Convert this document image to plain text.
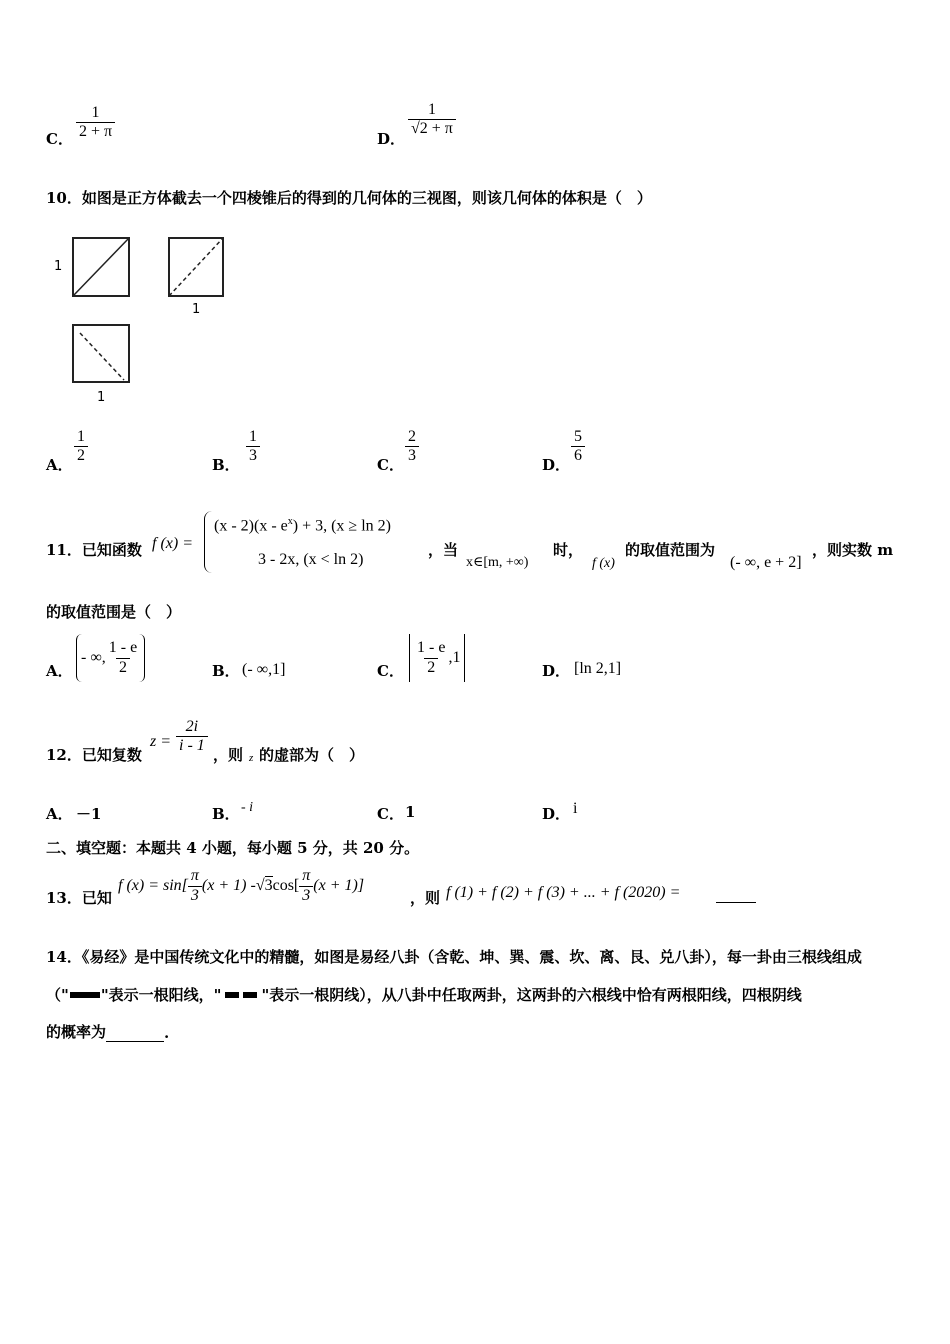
C． $\frac{1}{2 + \pi}$	D．
$\frac{1}{√2 + \pi}$
10．如图是正方体截去一个四棱锥后的得到的几何体的三视图，则该几何体的体积是（　）
1
1
1
A． $\frac{1}{2}$	B． $\frac{1}{3}$	C． $\frac{2}{3}$	D． $\frac{5}{6}$
11．已知函数 f (x) =
$(x - 2)(x - e^x) + 3$, (x ≥ ln 2)
3 - 2x, (x < ln 2)
，当
x∈[m, +∞)
时，
f (x)
的取值范围为
(- ∞, e + 2]
，则实数 m
的取值范围是（　）
A．
- ∞, $\frac{1 - e}{2}$	B． (- ∞,1]	C． $\frac{1 - e}{2} ,1$
D． [ln 2,1]
12．已知复数
$z = \frac{2i}{i - 1}$ ，则 z 的虚部为（　）
A． －1	B． - i	C． 1	D． i
二、填空题：本题共 4 小题，每小题 5 分，共 20 分。
13．已知
f $(x) = \sin[ \frac{\pi}{3} (x + 1) - √3$ $\cos[ \frac{\pi}{3} (x + 1)]$
，则 f (1) + f (2) + f (3) + ... + f (2020) =
14．《易经》是中国传统文化中的精髓，如图是易经八卦（含乾、坤、巽、震、坎、离、艮、兑八卦），每一卦由三根线组成
（" "表示一根阳线，"	"表示一根阴线），从八卦中任取两卦，这两卦的六根线中恰有两根阳线，四根阴线
的概率为	.
